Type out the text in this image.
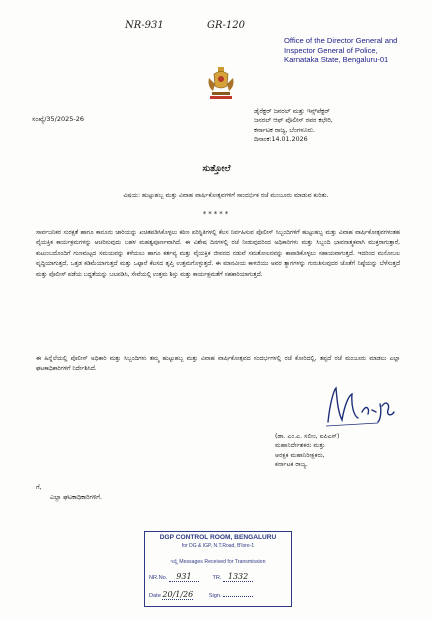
NR-931	GR-120
Office of the Director General and
Inspector General of Police,
Karnataka State, Bengaluru-01
ಸಂಖ್ಯೆ/35/2025-26
ಡೈರೆಕ್ಟರ್ ಜನರಲ್ ಮತ್ತು ಇನ್ಸ್‌ಪೆಕ್ಟರ್
ಜನರಲ್ ಆಫ್ ಪೊಲೀಸ್ ರವರ ಕಛೇರಿ,
ಕರ್ನಾಟಕ ರಾಜ್ಯ, ಬೆಂಗಳೂರು.
ದಿನಾಂಕ:14.01.2026
ಸುತ್ತೋಲೆ
ವಿಷಯ: ಹುಟ್ಟುಹಬ್ಬ ಮತ್ತು ವಿವಾಹ ವಾರ್ಷಿಕೋತ್ಸವಗಳಿಗೆ ಸಾಂದರ್ಭಿಕ ರಜೆ ಮಂಜೂರು ಮಾಡುವ ಕುರಿತು.
*****
ಸಾರ್ವಜನಿಕರ ಸುರಕ್ಷತೆ ಹಾಗೂ ಕಾನೂನು ಜಾರಿಯನ್ನು ಖಚಿತಪಡಿಸಿಕೊಳ್ಳಲು ಕಠಿಣ ಪರಿಸ್ಥಿತಿಗಳಲ್ಲಿ ಕೆಲಸ ನಿರ್ವಹಿಸುವ ಪೊಲೀಸ್ ಸಿಬ್ಬಂದಿಗಳಿಗೆ ಹುಟ್ಟುಹಬ್ಬ ಮತ್ತು ವಿವಾಹ ವಾರ್ಷಿಕೋತ್ಸವಗಳಂತಹ ವೈಯಕ್ತಿಕ ಕಾರ್ಯಕ್ರಮಗಳನ್ನು ಆಚರಿಸುವುದು ಬಹಳ ಮಹತ್ವಪೂರ್ಣವಾಗಿದೆ. ಈ ವಿಶೇಷ ದಿನಗಳಲ್ಲಿ ರಜೆ ನೀಡುವುದರಿಂದ ಅಧಿಕಾರಿಗಳು ಮತ್ತು ಸಿಬ್ಬಂದಿ ಭಾವನಾತ್ಮಕವಾಗಿ ಮುಕ್ತರಾಗುತ್ತಾರೆ, ಕುಟುಂಬದೊಂದಿಗೆ ಗುಣಮಟ್ಟದ ಸಮಯವನ್ನು ಕಳೆಯಲು ಹಾಗೂ ಕರ್ತವ್ಯ ಮತ್ತು ವೈಯಕ್ತಿಕ ಜೀವನದ ನಡುವೆ ಸಮತೋಲನವನ್ನು ಕಾಪಾಡಿಕೊಳ್ಳಲು ಸಹಾಯವಾಗುತ್ತದೆ. ಇದರಿಂದ ಮನೋಬಲ ವೃದ್ಧಿಯಾಗುತ್ತದೆ, ಒತ್ತಡ ಕಡಿಮೆಯಾಗುತ್ತದೆ ಮತ್ತು ಒಟ್ಟಾರೆ ಕೆಲಸದ ತೃಪ್ತಿ ಉತ್ತಮಗೊಳ್ಳುತ್ತದೆ. ಈ ಮಾನವೀಯ ಕಾಳಜಿಯು ಅವರ ತ್ಯಾಗಗಳನ್ನು ಗುರುತಿಸುವುದರ ಜೊತೆಗೆ ನಿಷ್ಠೆಯನ್ನು ಬೆಳೆಸುತ್ತದೆ ಮತ್ತು ಪೊಲೀಸ್ ಪಡೆಯ ಬದ್ಧತೆಯನ್ನು ಬಲಪಡಿಸಿ, ಸೇವೆಯಲ್ಲಿ ಉತ್ತಮ ಶಿಸ್ತು ಮತ್ತು ಕಾರ್ಯಕ್ಷಮತೆಗೆ ಸಹಕಾರಿಯಾಗುತ್ತದೆ.
ಈ ಹಿನ್ನೆಲೆಯಲ್ಲಿ ಪೊಲೀಸ್ ಅಧಿಕಾರಿ ಮತ್ತು ಸಿಬ್ಬಂದಿಗಳು ತಮ್ಮ ಹುಟ್ಟುಹಬ್ಬ ಮತ್ತು ವಿವಾಹ ವಾರ್ಷಿಕೋತ್ಸವದ ಸಂದರ್ಭಗಳಲ್ಲಿ ರಜೆ ಕೋರಿದಲ್ಲಿ, ತಪ್ಪದೆ ರಜೆ ಮಂಜೂರು ಮಾಡಲು ಎಲ್ಲಾ ಘಟಕಾಧಿಕಾರಿಗಳಿಗೆ ನಿರ್ದೇಶಿಸಿದೆ.
(ಡಾ. ಎಂ.ಎ. ಸಲೀಂ, ಐಪಿಎಸ್)
ಮಹಾನಿರ್ದೇಶಕರು ಮತ್ತು
ಆರಕ್ಷಕ ಮಹಾನಿರೀಕ್ಷಕರು,
ಕರ್ನಾಟಕ ರಾಜ್ಯ.
ಗೆ,
ಎಲ್ಲಾ ಘಟಕಾಧಿಕಾರಿಗಳಿಗೆ.
DGP CONTROL ROOM, BENGALURU
for DG & IGP, N.T.Road, B'lore-1
ಇಲ್ಲಿ Messages Received for Transmission
NR.No. 931	TR. 1332
Date 20/1/26	Sign.
